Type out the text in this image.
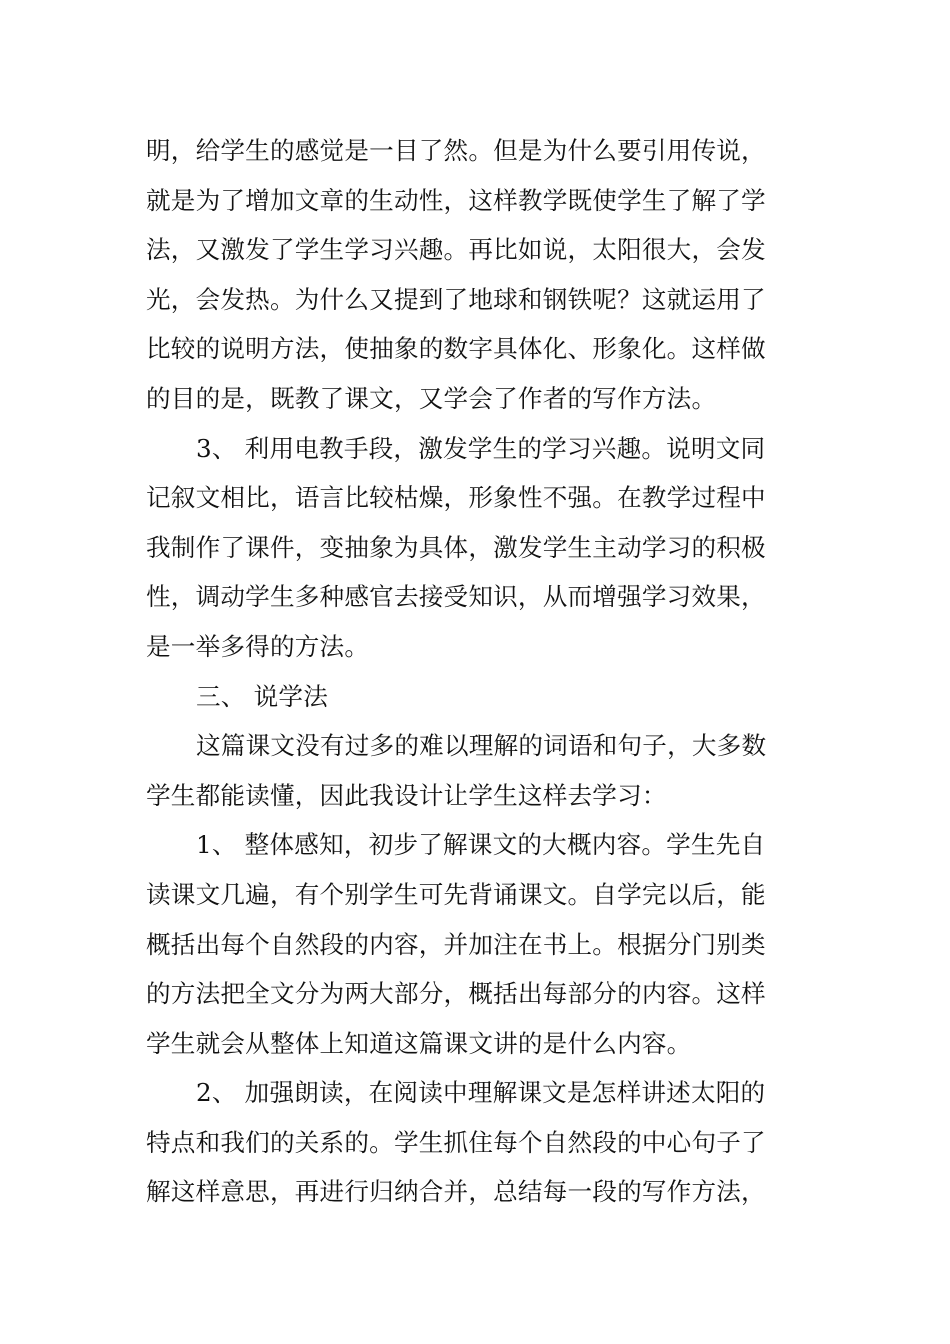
明，给学生的感觉是一目了然。但是为什么要引用传说，
就是为了增加文章的生动性，这样教学既使学生了解了学
法，又激发了学生学习兴趣。再比如说，太阳很大，会发
光，会发热。为什么又提到了地球和钢铁呢？这就运用了
比较的说明方法，使抽象的数字具体化、形象化。这样做
的目的是，既教了课文，又学会了作者的写作方法。
3、 利用电教手段，激发学生的学习兴趣。说明文同
记叙文相比，语言比较枯燥，形象性不强。在教学过程中
我制作了课件，变抽象为具体，激发学生主动学习的积极
性，调动学生多种感官去接受知识，从而增强学习效果，
是一举多得的方法。
三、 说学法
这篇课文没有过多的难以理解的词语和句子，大多数
学生都能读懂，因此我设计让学生这样去学习：
1、 整体感知，初步了解课文的大概内容。学生先自
读课文几遍，有个别学生可先背诵课文。自学完以后，能
概括出每个自然段的内容，并加注在书上。根据分门别类
的方法把全文分为两大部分，概括出每部分的内容。这样
学生就会从整体上知道这篇课文讲的是什么内容。
2、 加强朗读，在阅读中理解课文是怎样讲述太阳的
特点和我们的关系的。学生抓住每个自然段的中心句子了
解这样意思，再进行归纳合并，总结每一段的写作方法，
